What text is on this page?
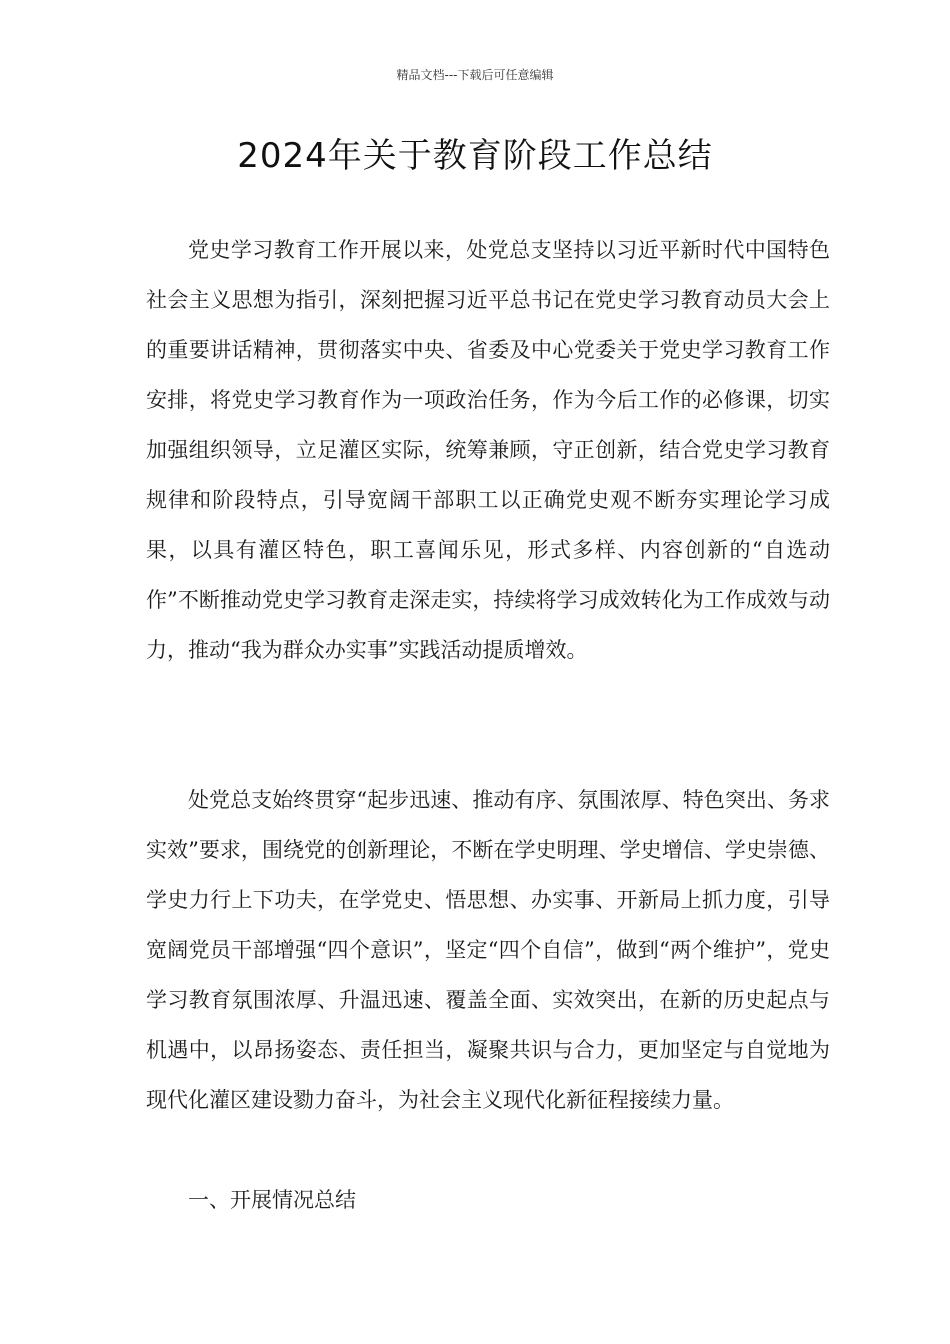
精品文档---下载后可任意编辑
2024年关于教育阶段工作总结

党史学习教育工作开展以来，处党总支坚持以习近平新时代中国特色社会主义思想为指引，深刻把握习近平总书记在党史学习教育动员大会上的重要讲话精神，贯彻落实中央、省委及中心党委关于党史学习教育工作安排，将党史学习教育作为一项政治任务，作为今后工作的必修课，切实加强组织领导，立足灌区实际，统筹兼顾，守正创新，结合党史学习教育规律和阶段特点，引导宽阔干部职工以正确党史观不断夯实理论学习成果，以具有灌区特色，职工喜闻乐见，形式多样、内容创新的“自选动作”不断推动党史学习教育走深走实，持续将学习成效转化为工作成效与动力，推动“我为群众办实事”实践活动提质增效。

处党总支始终贯穿“起步迅速、推动有序、氛围浓厚、特色突出、务求实效”要求，围绕党的创新理论，不断在学史明理、学史增信、学史崇德、学史力行上下功夫，在学党史、悟思想、办实事、开新局上抓力度，引导宽阔党员干部增强“四个意识”，坚定“四个自信”，做到“两个维护”，党史学习教育氛围浓厚、升温迅速、覆盖全面、实效突出，在新的历史起点与机遇中，以昂扬姿态、责任担当，凝聚共识与合力，更加坚定与自觉地为现代化灌区建设勠力奋斗，为社会主义现代化新征程接续力量。

一、开展情况总结
